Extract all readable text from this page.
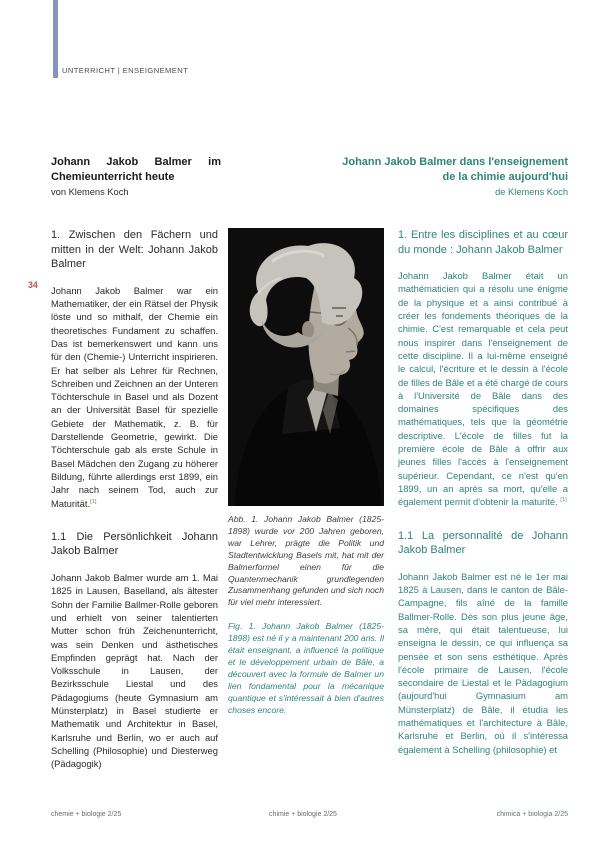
UNTERRICHT | ENSEIGNEMENT
34
Johann Jakob Balmer im Chemieunterricht heute
von Klemens Koch
Johann Jakob Balmer dans l'enseignement de la chimie aujourd'hui
de Klemens Koch

1. Zwischen den Fächern und mitten in der Welt: Johann Jakob Balmer

Johann Jakob Balmer war ein Mathematiker, der ein Rätsel der Physik löste und so mithalf, der Chemie ein theoretisches Fundament zu schaffen. Das ist bemerkenswert und kann uns für den (Chemie-) Unterricht inspirieren. Er hat selber als Lehrer für Rechnen, Schreiben und Zeichnen an der Unteren Töchterschule in Basel und als Dozent an der Universität Basel für spezielle Gebiete der Mathematik, z. B. für Darstellende Geometrie, gewirkt. Die Töchterschule gab als erste Schule in Basel Mädchen den Zugang zu höherer Bildung, führte allerdings erst 1899, ein Jahr nach seinem Tod, auch zur Maturität.[1]

1.1 Die Persönlichkeit Johann Jakob Balmer

Johann Jakob Balmer wurde am 1. Mai 1825 in Lausen, Baselland, als ältester Sohn der Familie Ballmer-Rolle geboren und erhielt von seiner talentierten Mutter schon früh Zeichenunterricht, was sein Denken und ästhetisches Empfinden geprägt hat. Nach der Volksschule in Lausen, der Bezirksschule Liestal und des Pädagogiums (heute Gymnasium am Münsterplatz) in Basel studierte er Mathematik und Architektur in Basel, Karlsruhe und Berlin, wo er auch auf Schelling (Philosophie) und Diesterweg (Pädagogik)

Abb. 1. Johann Jakob Balmer (1825-1898) wurde vor 200 Jahren geboren, war Lehrer, prägte die Politik und Stadtentwicklung Basels mit, hat mit der Balmerformel einen für die Quantenmechanik grundlegenden Zusammenhang gefunden und sich noch für viel mehr interessiert.

Fig. 1. Johann Jakob Balmer (1825-1898) est né il y a maintenant 200 ans. Il était enseignant, a influencé la politique et le développement urbain de Bâle, a découvert avec la formule de Balmer un lien fondamental pour la mécanique quantique et s'intéressait à bien d'autres choses encore.

1. Entre les disciplines et au cœur du monde : Johann Jakob Balmer

Johann Jakob Balmer était un mathématicien qui a résolu une énigme de la physique et a ainsi contribué à créer les fondements théoriques de la chimie. C'est remarquable et cela peut nous inspirer dans l'enseignement de cette discipline. Il a lui-même enseigné le calcul, l'écriture et le dessin à l'école de filles de Bâle et a été chargé de cours à l'Université de Bâle dans des domaines spécifiques des mathématiques, tels que la géométrie descriptive. L'école de filles fut la première école de Bâle à offrir aux jeunes filles l'accès à l'enseignement supérieur. Cependant, ce n'est qu'en 1899, un an après sa mort, qu'elle a également permit d'obtenir la maturité. [1]

1.1 La personnalité de Johann Jakob Balmer

Johann Jakob Balmer est né le 1er mai 1825 à Lausen, dans le canton de Bâle-Campagne, fils aîné de la famille Ballmer-Rolle. Dès son plus jeune âge, sa mère, qui était talentueuse, lui enseigna le dessin, ce qui influença sa pensée et son sens esthétique. Après l'école primaire de Lausen, l'école secondaire de Liestal et le Pädagogium (aujourd'hui Gymnasium am Münsterplatz) de Bâle, il étudia les mathématiques et l'architecture à Bâle, Karlsruhe et Berlin, où il s'intéressa également à Schelling (philosophie) et

chemie + biologie 2/25	chimie + biologie 2/25	chimica + biologia 2/25
